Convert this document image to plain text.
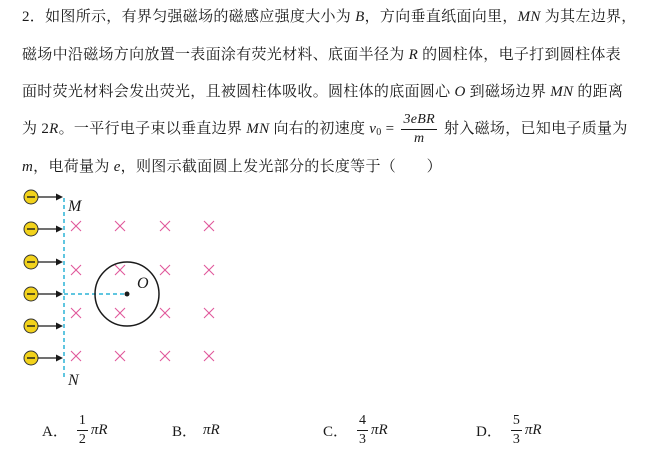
2．如图所示，有界匀强磁场的磁感应强度大小为 B ，方向垂直纸面向里， MN 为其左边界，
磁场中沿磁场方向放置一表面涂有荧光材料、底面半径为 R 的圆柱体，电子打到圆柱体表
面时荧光材料会发出荧光，且被圆柱体吸收。圆柱体的底面圆心 O 到磁场边界 MN 的距离
为 2 R 。一平行电子束以垂直边界 MN 向右的初速度 v $0 = \frac{\text{3eBR}}{m}$ 射入磁场，已知电子质量为
m ，电荷量为 e ，则图示截面圆上发光部分的长度等于（　　）
M
N
O
A． $\frac{1}{2}$ πR	B． πR	C． $\frac{4}{3}$ πR	D． $\frac{5}{3}$ πR
